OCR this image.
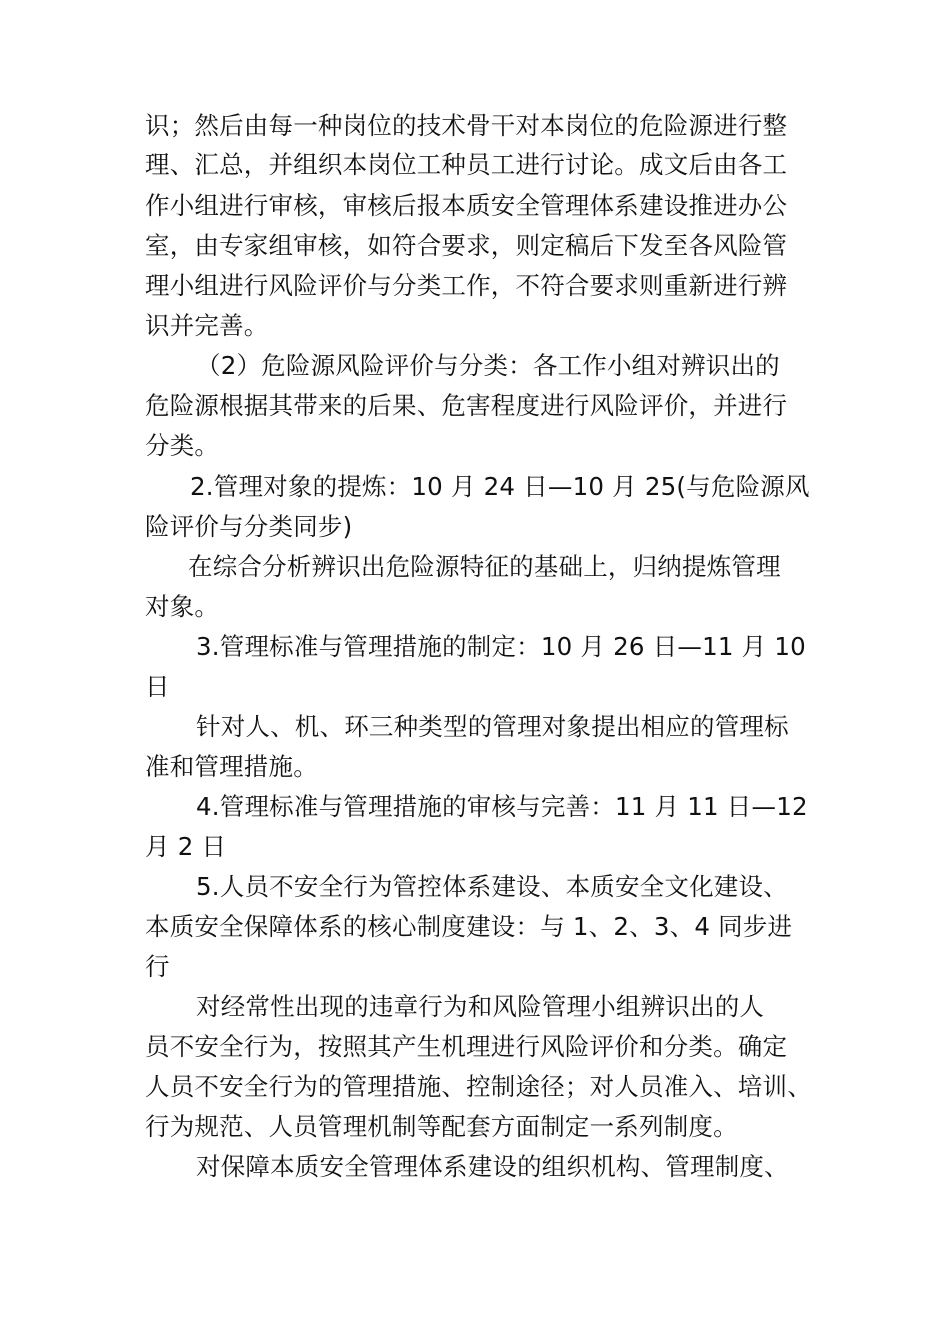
识；然后由每一种岗位的技术骨干对本岗位的危险源进行整
理、汇总，并组织本岗位工种员工进行讨论。成文后由各工
作小组进行审核，审核后报本质安全管理体系建设推进办公
室，由专家组审核，如符合要求，则定稿后下发至各风险管
理小组进行风险评价与分类工作，不符合要求则重新进行辨
识并完善。
（2）危险源风险评价与分类：各工作小组对辨识出的
危险源根据其带来的后果、危害程度进行风险评价，并进行
分类。
2.管理对象的提炼：10 月 24 日—10 月 25(与危险源风
险评价与分类同步)
在综合分析辨识出危险源特征的基础上，归纳提炼管理
对象。
3.管理标准与管理措施的制定：10 月 26 日—11 月 10
日
针对人、机、环三种类型的管理对象提出相应的管理标
准和管理措施。
4.管理标准与管理措施的审核与完善：11 月 11 日—12
月 2 日
5.人员不安全行为管控体系建设、本质安全文化建设、
本质安全保障体系的核心制度建设：与 1、2、3、4 同步进
行
对经常性出现的违章行为和风险管理小组辨识出的人
员不安全行为，按照其产生机理进行风险评价和分类。确定
人员不安全行为的管理措施、控制途径；对人员准入、培训、
行为规范、人员管理机制等配套方面制定一系列制度。
对保障本质安全管理体系建设的组织机构、管理制度、
